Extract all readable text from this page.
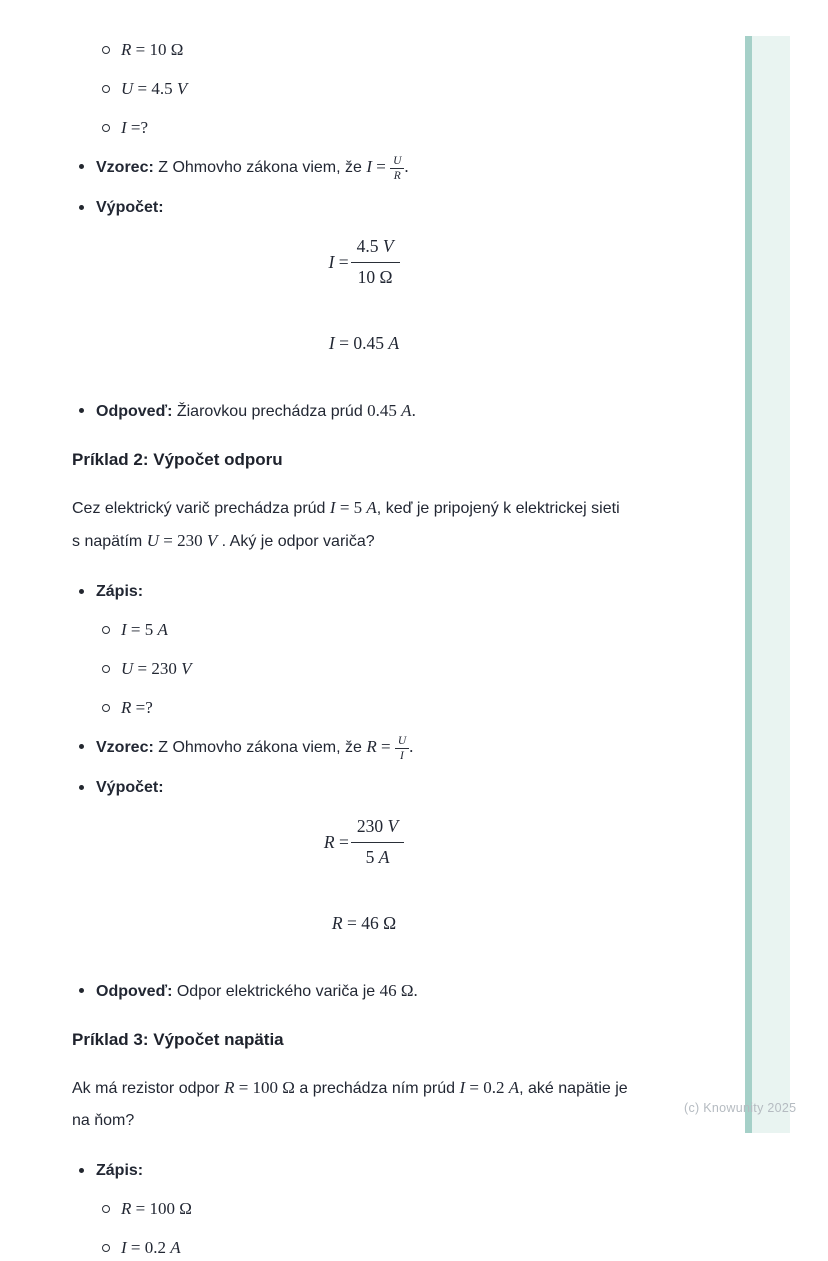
R = 10 Ω
U = 4.5 V
I =?
Vzorec: Z Ohmovho zákona viem, že $I = \frac{U}{R}$ .
Výpočet:
$I = \frac{4.5 V}{10 \Omega}$
I = 0.45 A
Odpoveď: Žiarovkou prechádza prúd 0.45 A.
Príklad 2: Výpočet odporu
Cez elektrický varič prechádza prúd I = 5 A, keď je pripojený k elektrickej sieti
s napätím U = 230 V . Aký je odpor variča?
Zápis:
I = 5 A
U = 230 V
R =?
Vzorec: Z Ohmovho zákona viem, že $R = \frac{U}{I}$ .
Výpočet:
$R = \frac{230 V}{5 A}$
R = 46 Ω
Odpoveď: Odpor elektrického variča je 46 Ω.
Príklad 3: Výpočet napätia
Ak má rezistor odpor R = 100 Ω a prechádza ním prúd I = 0.2 A, aké napätie je
na ňom?
Zápis:
R = 100 Ω
I = 0.2 A
(c) Knowunity 2025
